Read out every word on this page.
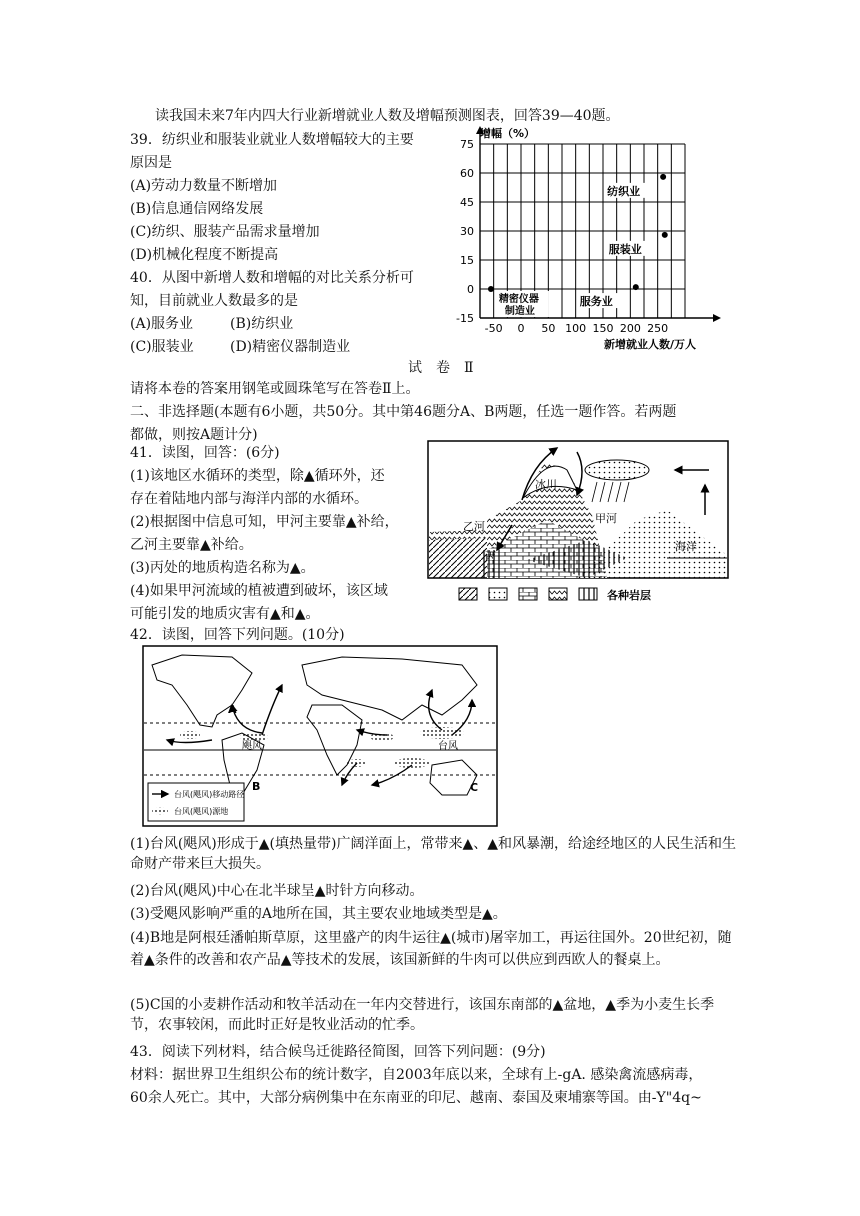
读我国未来7年内四大行业新增就业人数及增幅预测图表，回答39—40题。
39．纺织业和服装业就业人数增幅较大的主要
原因是
(A)劳动力数量不断增加
(B)信息通信网络发展
(C)纺织、服装产品需求量增加
(D)机械化程度不断提高
40．从图中新增人数和增幅的对比关系分析可
知，目前就业人数最多的是
(A)服务业	(B)纺织业
(C)服装业	(D)精密仪器制造业
75
60
45
30
15
0
-15
-50 0 50 100 150 200 250
纺织业
服装业
服务业
精密仪器
制造业
增幅（%）
新增就业人数/万人
试　卷　Ⅱ
请将本卷的答案用钢笔或圆珠笔写在答卷Ⅱ上。
二、非选择题(本题有6小题，共50分。其中第46题分A、B两题，任选一题作答。若两题
都做，则按A题计分)
41．读图，回答：(6分)
(1)该地区水循环的类型，除▲循环外，还
存在着陆地内部与海洋内部的水循环。
(2)根据图中信息可知，甲河主要靠▲补给，
乙河主要靠▲补给。
(3)丙处的地质构造名称为▲。
(4)如果甲河流域的植被遭到破坏，该区域
可能引发的地质灾害有▲和▲。
冰川
海洋
乙河
甲河
丙
各种岩层
42．读图，回答下列问题。(10分)
A
B	C
飓风	台风
台风(飓风)移动路径
台风(飓风)源地
(1)台风(飓风)形成于▲(填热量带)广阔洋面上，常带来▲、▲和风暴潮，给途经地区的人民生活和生命财产带来巨大损失。
(2)台风(飓风)中心在北半球呈▲时针方向移动。
(3)受飓风影响严重的A地所在国，其主要农业地域类型是▲。
(4)B地是阿根廷潘帕斯草原，这里盛产的肉牛运往▲(城市)屠宰加工，再运往国外。20世纪初，随着▲条件的改善和农产品▲等技术的发展，该国新鲜的牛肉可以供应到西欧人的餐桌上。
(5)C国的小麦耕作活动和牧羊活动在一年内交替进行，该国东南部的▲盆地，▲季为小麦生长季节，农事较闲，而此时正好是牧业活动的忙季。
43．阅读下列材料，结合候鸟迁徙路径简图，回答下列问题：(9分)
材料：据世界卫生组织公布的统计数字，自2003年底以来，全球有上-gA. 感染禽流感病毒，
60余人死亡。其中，大部分病例集中在东南亚的印尼、越南、泰国及柬埔寨等国。由-Y"4q~
